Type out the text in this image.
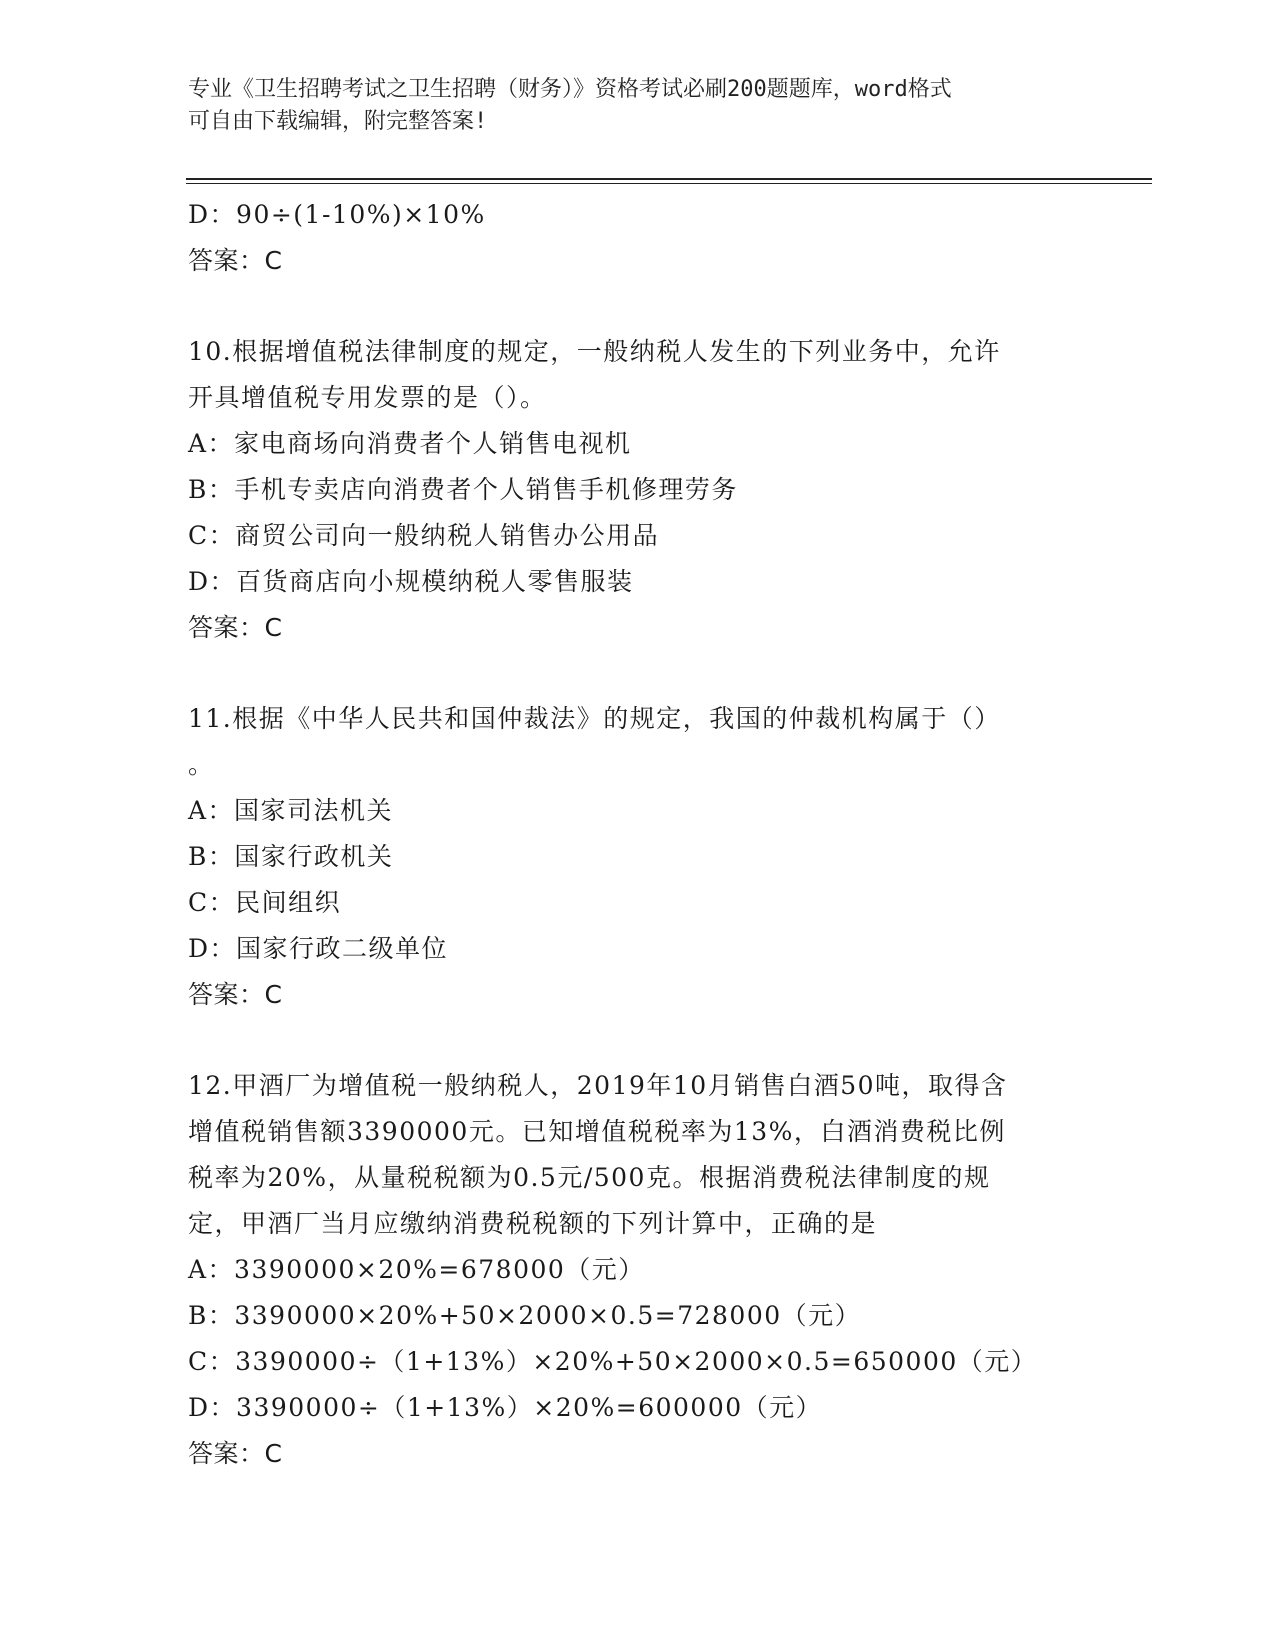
专业《卫生招聘考试之卫生招聘（财务）》资格考试必刷200题题库，word格式
可自由下载编辑，附完整答案!
D：90÷(1-10%)×10%
答案：C
10.根据增值税法律制度的规定，一般纳税人发生的下列业务中，允许
开具增值税专用发票的是（）。
A：家电商场向消费者个人销售电视机
B：手机专卖店向消费者个人销售手机修理劳务
C：商贸公司向一般纳税人销售办公用品
D：百货商店向小规模纳税人零售服装
答案：C
11.根据《中华人民共和国仲裁法》的规定，我国的仲裁机构属于（）
。
A：国家司法机关
B：国家行政机关
C：民间组织
D：国家行政二级单位
答案：C
12.甲酒厂为增值税一般纳税人，2019年10月销售白酒50吨，取得含
增值税销售额3390000元。已知增值税税率为13%，白酒消费税比例
税率为20%，从量税税额为0.5元/500克。根据消费税法律制度的规
定，甲酒厂当月应缴纳消费税税额的下列计算中，正确的是
A：3390000×20%=678000（元）
B：3390000×20%+50×2000×0.5=728000（元）
C：3390000÷（1+13%）×20%+50×2000×0.5=650000（元）
D：3390000÷（1+13%）×20%=600000（元）
答案：C
